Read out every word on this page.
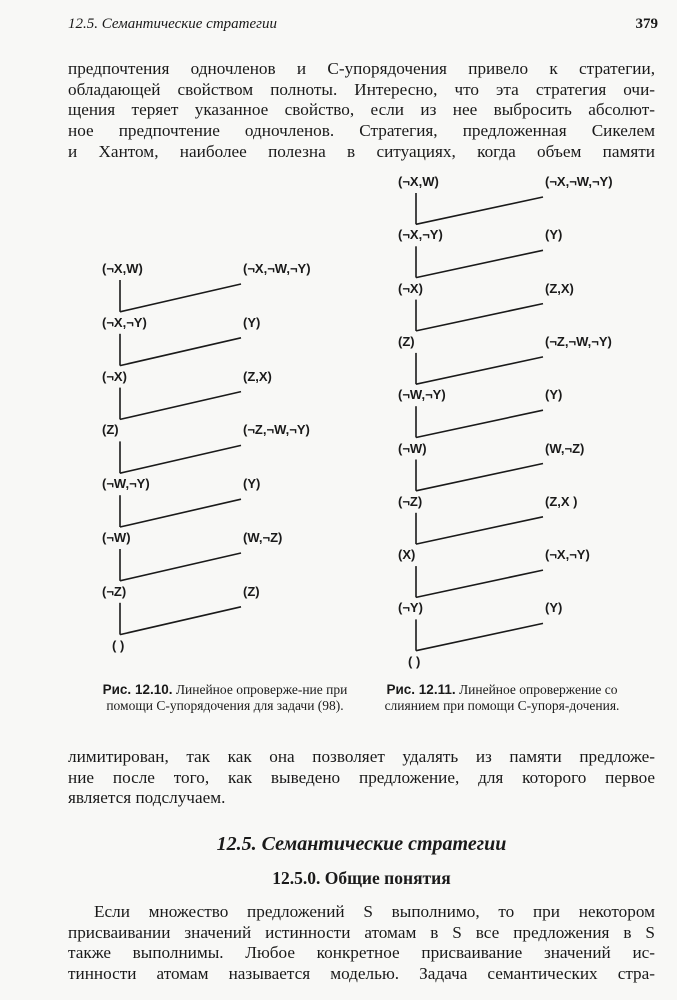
12.5. Семантические стратегии	379
предпочтения одночленов и С-упорядочения привело к стратегии,
обладающей свойством полноты. Интересно, что эта стратегия очи-
щения теряет указанное свойство, если из нее выбросить абсолют-
ное предпочтение одночленов. Стратегия, предложенная Сикелем
и Хантом, наиболее полезна в ситуациях, когда объем памяти
(¬X,W)	(¬X,¬W,¬Y)
(¬X,¬Y)	(Y)
(¬X)	(Z,X)
(Z)	(¬Z,¬W,¬Y)
(¬W,¬Y)	(Y)
(¬W)	(W,¬Z)
(¬Z)	(Z)
( )
(¬X,W)	(¬X,¬W,¬Y)
(¬X,¬Y)	(Y)
(¬X)	(Z,X)
(Z)	(¬Z,¬W,¬Y)
(¬W,¬Y)	(Y)
(¬W)	(W,¬Z)
(¬Z)	(Z,X )
(X)	(¬X,¬Y)
(¬Y)	(Y)
( )
Рис. 12.10. Линейное опроверже-ние при помощи С-упорядочения для задачи (98).
Рис. 12.11. Линейное опровержение со слиянием при помощи С-упоря-дочения.
лимитирован, так как она позволяет удалять из памяти предложе-
ние после того, как выведено предложение, для которого первое
является подслучаем.
12.5. Семантические стратегии
12.5.0. Общие понятия
Если множество предложений S выполнимо, то при некотором
присваивании значений истинности атомам в S все предложения в S
также выполнимы. Любое конкретное присваивание значений ис-
тинности атомам называется моделью. Задача семантических стра-
